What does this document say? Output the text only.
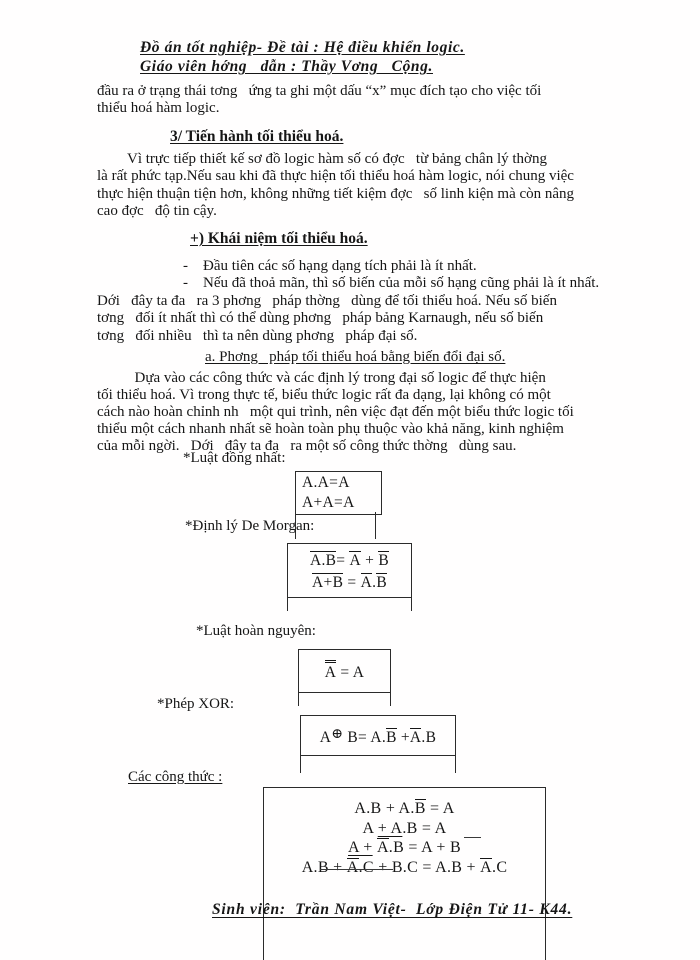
Đồ án tốt nghiệp- Đề tài : Hệ điều khiển logic.
Giáo viên hớng   dẫn : Thầy Vơng   Cộng.
đầu ra ở trạng thái tơng   ứng ta ghi một dấu “x” mục đích tạo cho việc tối
thiểu hoá hàm logic.
3/ Tiến hành tối thiểu hoá.
Vì trực tiếp thiết kế sơ đồ logic hàm số có đợc   từ bảng chân lý thờng
là rất phức tạp.Nếu sau khi đã thực hiện tối thiểu hoá hàm logic, nói chung việc
thực hiện thuận tiện hơn, không những tiết kiệm đợc   số linh kiện mà còn nâng
cao đợc   độ tin cậy.
+) Khái niệm tối thiểu hoá.
-    Đầu tiên các số hạng dạng tích phải là ít nhất.
-    Nếu đã thoả mãn, thì số biến của mỗi số hạng cũng phải là ít nhất.
Dới   đây ta đa   ra 3 phơng   pháp thờng   dùng để tối thiểu hoá. Nếu số biến
tơng   đối ít nhất thì có thể dùng phơng   pháp bảng Karnaugh, nếu số biến
tơng   đối nhiều   thì ta nên dùng phơng   pháp đại số.
a. Phơng   pháp tối thiểu hoá bằng biến đổi đại số.
Dựa vào các công thức và các định lý trong đại số logic để thực hiện
tối thiểu hoá. Vì trong thực tế, biểu thức logic rất đa dạng, lại không có một
cách nào hoàn chỉnh nh   một qui trình, nên việc đạt đến một biểu thức logic tối
thiểu một cách nhanh nhất sẽ hoàn toàn phụ thuộc vào khả năng, kinh nghiệm
của mỗi ngời.   Dới   đây ta đa   ra một số công thức thờng   dùng sau.
*Luật đồng nhất:
A.A=A
A+A=A
*Định lý De Morgan:
A.B= A + B
A+B = A.B
*Luật hoàn nguyên:
A = A
*Phép XOR:
A⊕ B= A.B +A.B
Các công thức :
A.B + A.B = A
A + A.B = A
A + A.B = A + B
A.B + A.C + B.C = A.B + A.C
Sinh viên:  Trần Nam Việt-  Lớp Điện Tử 11- K44.
